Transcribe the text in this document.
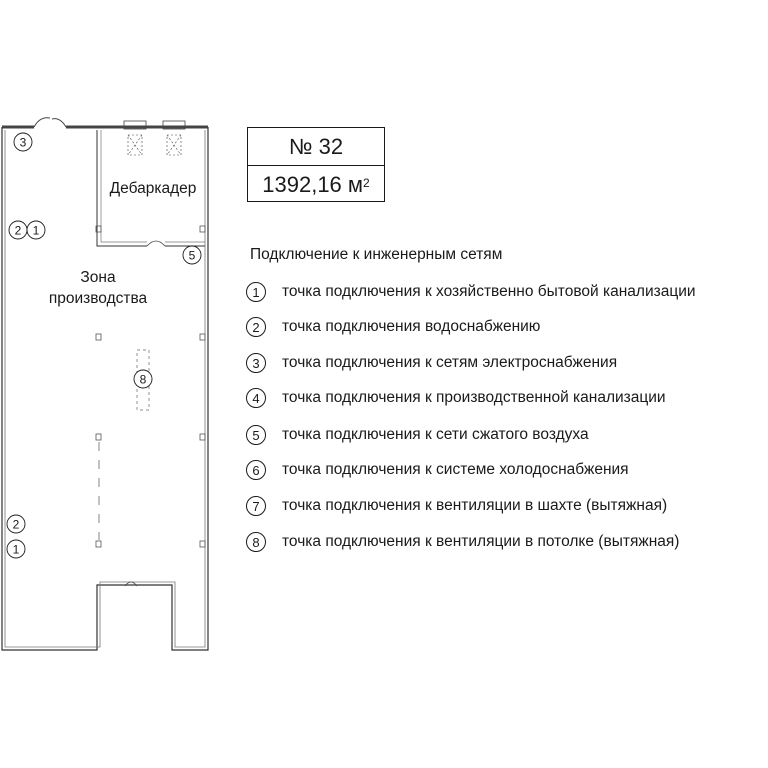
Дебаркадер
Зона
производства
3
2 1
5
8
2
1
№ 32
1392,16 $м^2$
Подключение к инженерным сетям
1	точка подключения к хозяйственно бытовой канализации
2	точка подключения водоснабжению
3	точка подключения к сетям электроснабжения
4	точка подключения к производственной канализации
5	точка подключения к сети сжатого воздуха
6	точка подключения к системе холодоснабжения
7	точка подключения к вентиляции в шахте (вытяжная)
8	точка подключения к вентиляции в потолке (вытяжная)
